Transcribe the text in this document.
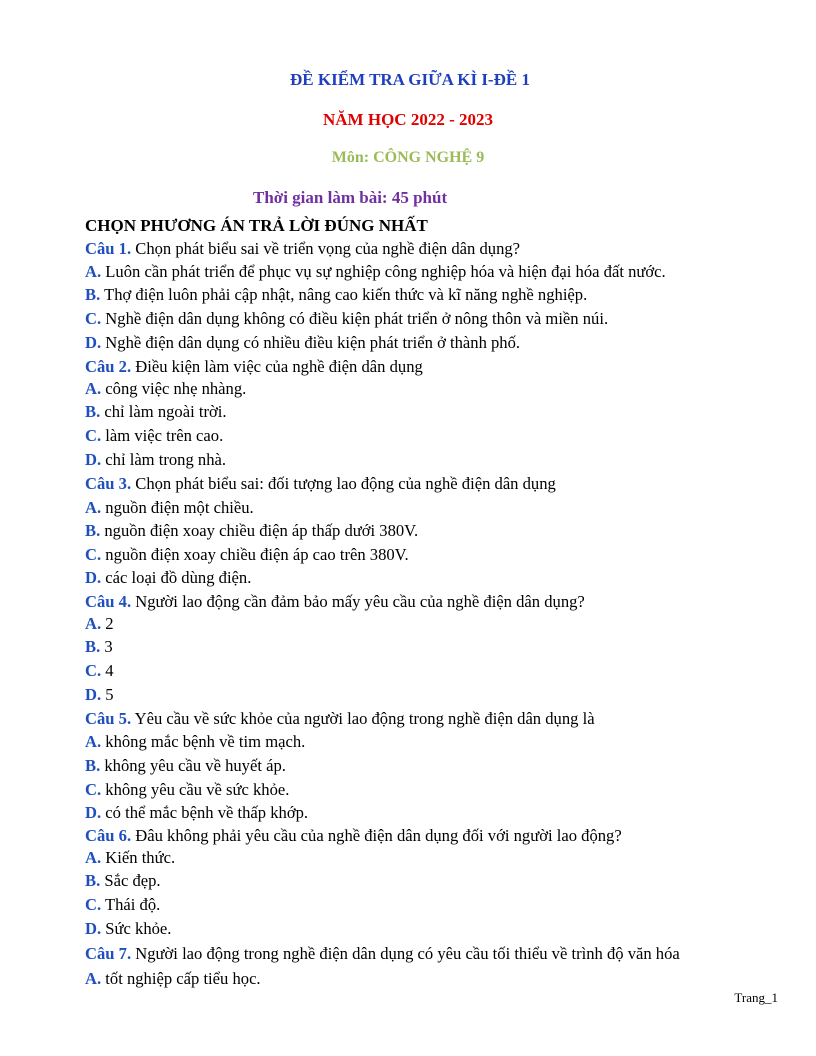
ĐỀ KIỂM TRA GIỮA KÌ I-ĐỀ 1
NĂM HỌC 2022 - 2023
Môn: CÔNG NGHỆ 9
Thời gian làm bài: 45 phút
CHỌN PHƯƠNG ÁN TRẢ LỜI ĐÚNG NHẤT
Câu 1. Chọn phát biểu sai về triển vọng của nghề điện dân dụng?
A. Luôn cần phát triển để phục vụ sự nghiệp công nghiệp hóa và hiện đại hóa đất nước.
B. Thợ điện luôn phải cập nhật, nâng cao kiến thức và kĩ năng nghề nghiệp.
C. Nghề điện dân dụng không có điều kiện phát triển ở nông thôn và miền núi.
D. Nghề điện dân dụng có nhiều điều kiện phát triển ở thành phố.
Câu 2. Điều kiện làm việc của nghề điện dân dụng
A. công việc nhẹ nhàng.
B. chỉ làm ngoài trời.
C. làm việc trên cao.
D. chỉ làm trong nhà.
Câu 3. Chọn phát biểu sai: đối tượng lao động của nghề điện dân dụng
A. nguồn điện một chiều.
B. nguồn điện xoay chiều điện áp thấp dưới 380V.
C. nguồn điện xoay chiều điện áp cao trên 380V.
D. các loại đồ dùng điện.
Câu 4. Người lao động cần đảm bảo mấy yêu cầu của nghề điện dân dụng?
A. 2
B. 3
C. 4
D. 5
Câu 5. Yêu cầu về sức khỏe của người lao động trong nghề điện dân dụng là
A. không mắc bệnh về tim mạch.
B. không yêu cầu về huyết áp.
C. không yêu cầu về sức khỏe.
D. có thể mắc bệnh về thấp khớp.
Câu 6. Đâu không phải yêu cầu của nghề điện dân dụng đối với người lao động?
A. Kiến thức.
B. Sắc đẹp.
C. Thái độ.
D. Sức khỏe.
Câu 7. Người lao động trong nghề điện dân dụng có yêu cầu tối thiểu về trình độ văn hóa
A. tốt nghiệp cấp tiểu học.
Trang_1
